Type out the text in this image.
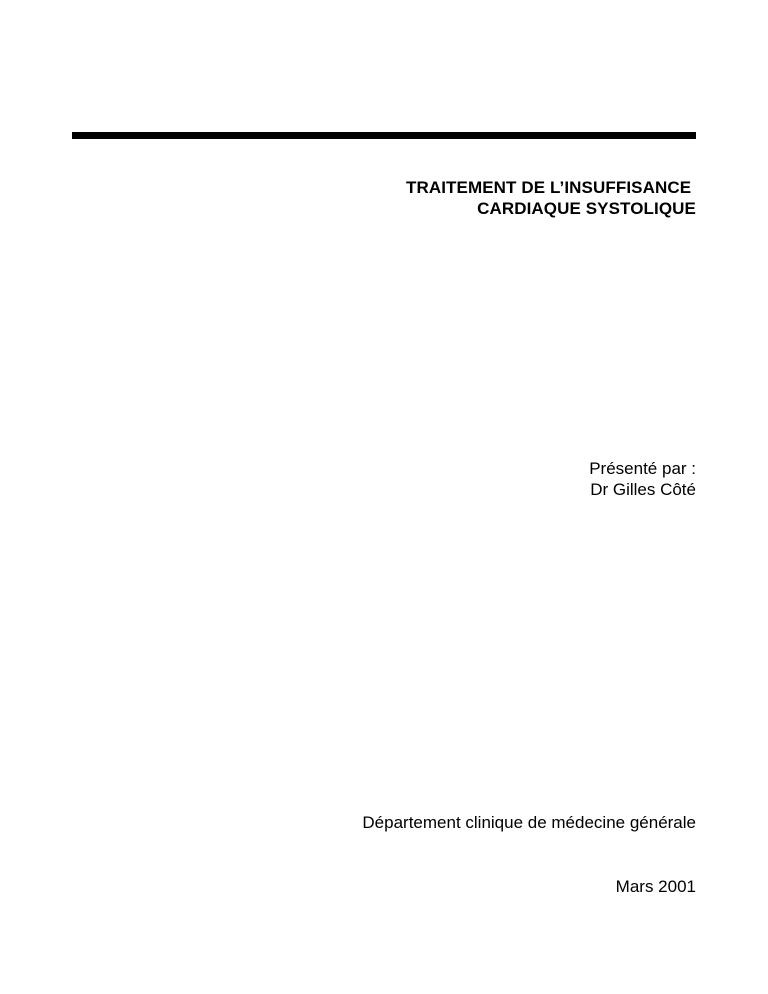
TRAITEMENT DE L’INSUFFISANCE
CARDIAQUE SYSTOLIQUE
Présenté par :
Dr Gilles Côté
Département clinique de médecine générale
Mars 2001
